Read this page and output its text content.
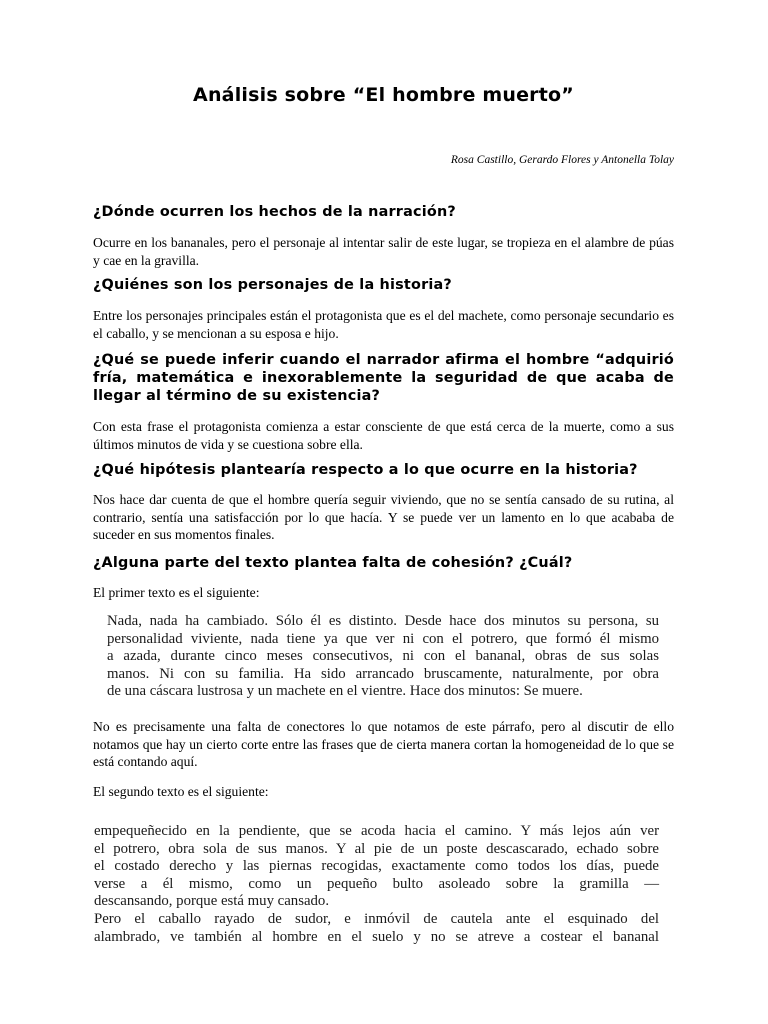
Análisis sobre “El hombre muerto”
Rosa Castillo, Gerardo Flores y Antonella Tolay
¿Dónde ocurren los hechos de la narración?
Ocurre en los bananales, pero el personaje al intentar salir de este lugar, se tropieza en el alambre de púas y cae en la gravilla.
¿Quiénes son los personajes de la historia?
Entre los personajes principales están el protagonista que es el del machete, como personaje secundario es el caballo, y se mencionan a su esposa e hijo.
¿Qué se puede inferir cuando el narrador afirma el hombre “adquirió fría, matemática e inexorablemente la seguridad de que acaba de llegar al término de su existencia?
Con esta frase el protagonista comienza a estar consciente de que está cerca de la muerte, como a sus últimos minutos de vida y se cuestiona sobre ella.
¿Qué hipótesis plantearía respecto a lo que ocurre en la historia?
Nos hace dar cuenta de que el hombre quería seguir viviendo, que no se sentía cansado de su rutina, al contrario, sentía una satisfacción por lo que hacía. Y se puede ver un lamento en lo que acababa de suceder en sus momentos finales.
¿Alguna parte del texto plantea falta de cohesión? ¿Cuál?
El primer texto es el siguiente:
Nada, nada ha cambiado. Sólo él es distinto. Desde hace dos minutos su persona, su
personalidad viviente, nada tiene ya que ver ni con el potrero, que formó él mismo
a azada, durante cinco meses consecutivos, ni con el bananal, obras de sus solas
manos. Ni con su familia. Ha sido arrancado bruscamente, naturalmente, por obra
de una cáscara lustrosa y un machete en el vientre. Hace dos minutos: Se muere.
No es precisamente una falta de conectores lo que notamos de este párrafo, pero al discutir de ello notamos que hay un cierto corte entre las frases que de cierta manera cortan la homogeneidad de lo que se está contando aquí.
El segundo texto es el siguiente:
empequeñecido en la pendiente, que se acoda hacia el camino. Y más lejos aún ver
el potrero, obra sola de sus manos. Y al pie de un poste descascarado, echado sobre
el costado derecho y las piernas recogidas, exactamente como todos los días, puede
verse a él mismo, como un pequeño bulto asoleado sobre la gramilla —
descansando, porque está muy cansado.
Pero el caballo rayado de sudor, e inmóvil de cautela ante el esquinado del
alambrado, ve también al hombre en el suelo y no se atreve a costear el bananal
